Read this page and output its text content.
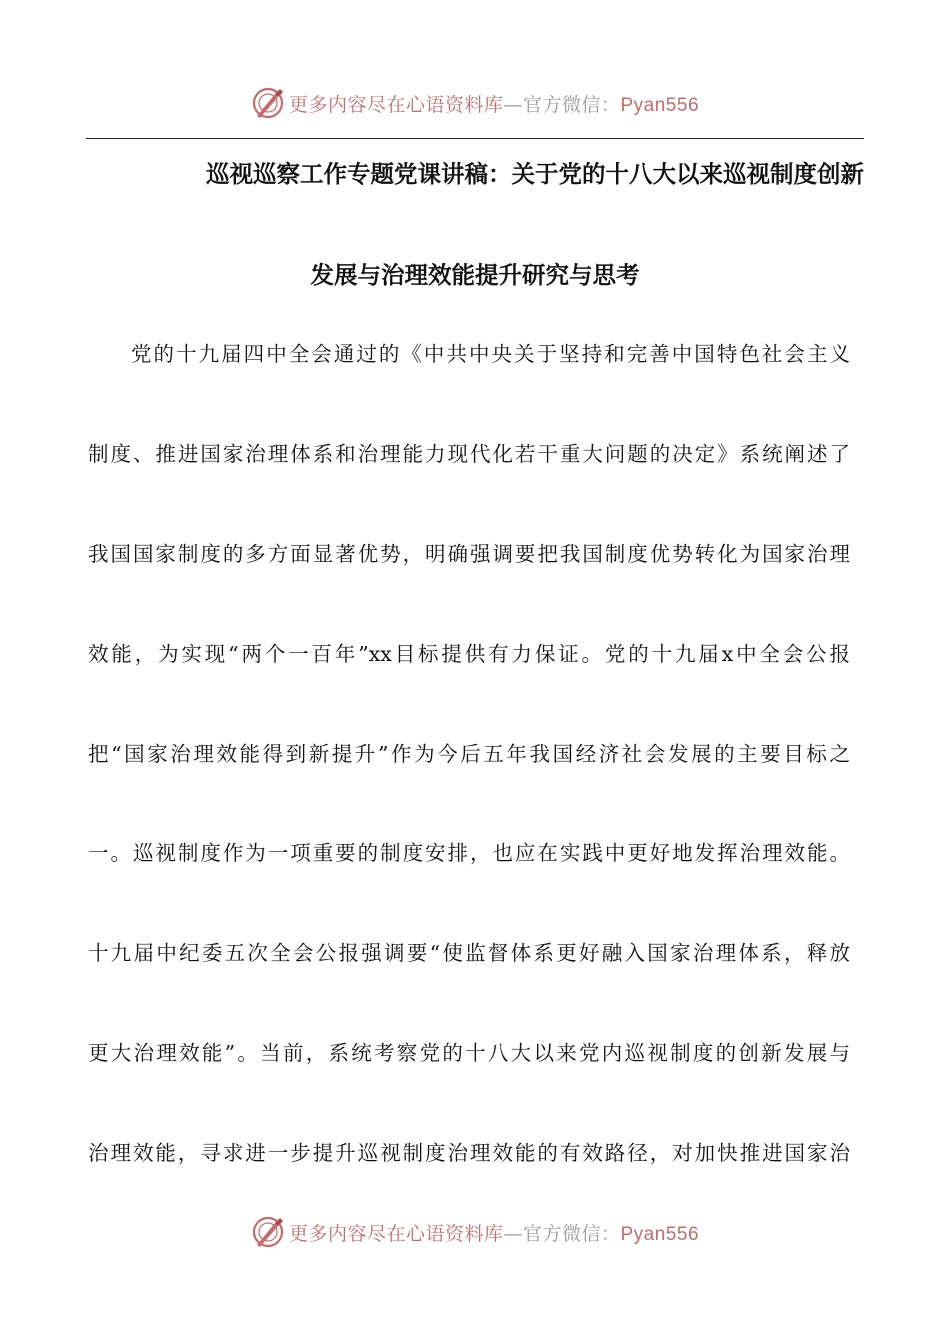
更多内容尽在心语资料库—官方微信：Pyan556
巡视巡察工作专题党课讲稿：关于党的十八大以来巡视制度创新
发展与治理效能提升研究与思考
党的十九届四中全会通过的《中共中央关于坚持和完善中国特色社会主义
制度、推进国家治理体系和治理能力现代化若干重大问题的决定》系统阐述了
我国国家制度的多方面显著优势，明确强调要把我国制度优势转化为国家治理
效能，为实现“两个一百年”xx目标提供有力保证。党的十九届x中全会公报
把“国家治理效能得到新提升”作为今后五年我国经济社会发展的主要目标之
一。巡视制度作为一项重要的制度安排，也应在实践中更好地发挥治理效能。
十九届中纪委五次全会公报强调要“使监督体系更好融入国家治理体系，释放
更大治理效能”。当前，系统考察党的十八大以来党内巡视制度的创新发展与
治理效能，寻求进一步提升巡视制度治理效能的有效路径，对加快推进国家治
更多内容尽在心语资料库—官方微信：Pyan556
